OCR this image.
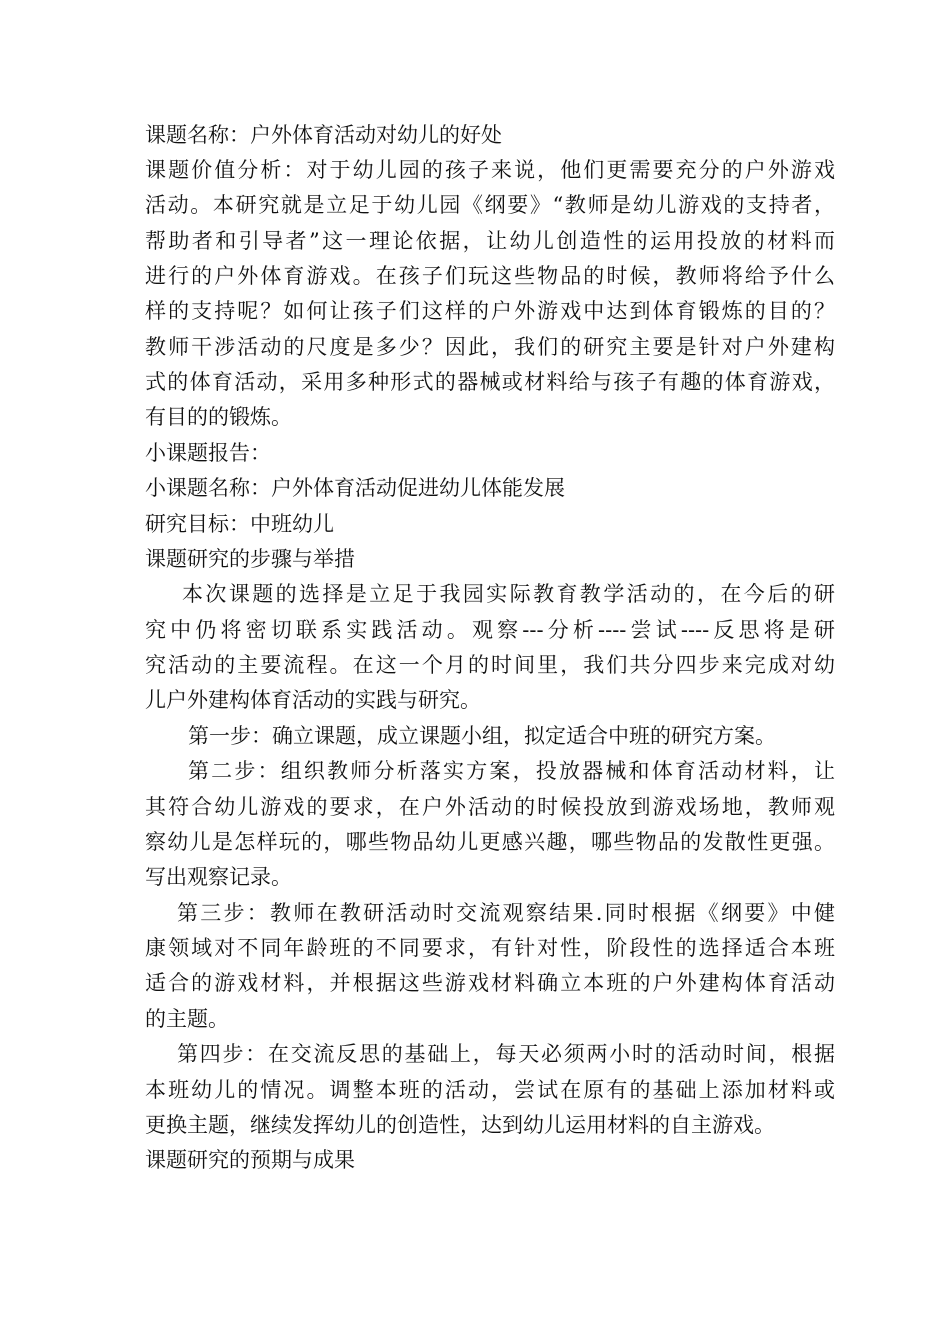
课题名称：户外体育活动对幼儿的好处
课题价值分析：对于幼儿园的孩子来说，他们更需要充分的户外游戏
活动。本研究就是立足于幼儿园《纲要》“教师是幼儿游戏的支持者，
帮助者和引导者”这一理论依据，让幼儿创造性的运用投放的材料而
进行的户外体育游戏。在孩子们玩这些物品的时候，教师将给予什么
样的支持呢？如何让孩子们这样的户外游戏中达到体育锻炼的目的？
教师干涉活动的尺度是多少？因此，我们的研究主要是针对户外建构
式的体育活动，采用多种形式的器械或材料给与孩子有趣的体育游戏，
有目的的锻炼。
小课题报告：
小课题名称：户外体育活动促进幼儿体能发展
研究目标：中班幼儿
课题研究的步骤与举措
本次课题的选择是立足于我园实际教育教学活动的，在今后的研
究中仍将密切联系实践活动。观察---分析----尝试----反思将是研
究活动的主要流程。在这一个月的时间里，我们共分四步来完成对幼
儿户外建构体育活动的实践与研究。
第一步：确立课题，成立课题小组，拟定适合中班的研究方案。
第二步：组织教师分析落实方案，投放器械和体育活动材料，让
其符合幼儿游戏的要求，在户外活动的时候投放到游戏场地，教师观
察幼儿是怎样玩的，哪些物品幼儿更感兴趣，哪些物品的发散性更强。
写出观察记录。
第三步：教师在教研活动时交流观察结果.同时根据《纲要》中健
康领域对不同年龄班的不同要求，有针对性，阶段性的选择适合本班
适合的游戏材料，并根据这些游戏材料确立本班的户外建构体育活动
的主题。
第四步：在交流反思的基础上，每天必须两小时的活动时间，根据
本班幼儿的情况。调整本班的活动，尝试在原有的基础上添加材料或
更换主题，继续发挥幼儿的创造性，达到幼儿运用材料的自主游戏。
课题研究的预期与成果
